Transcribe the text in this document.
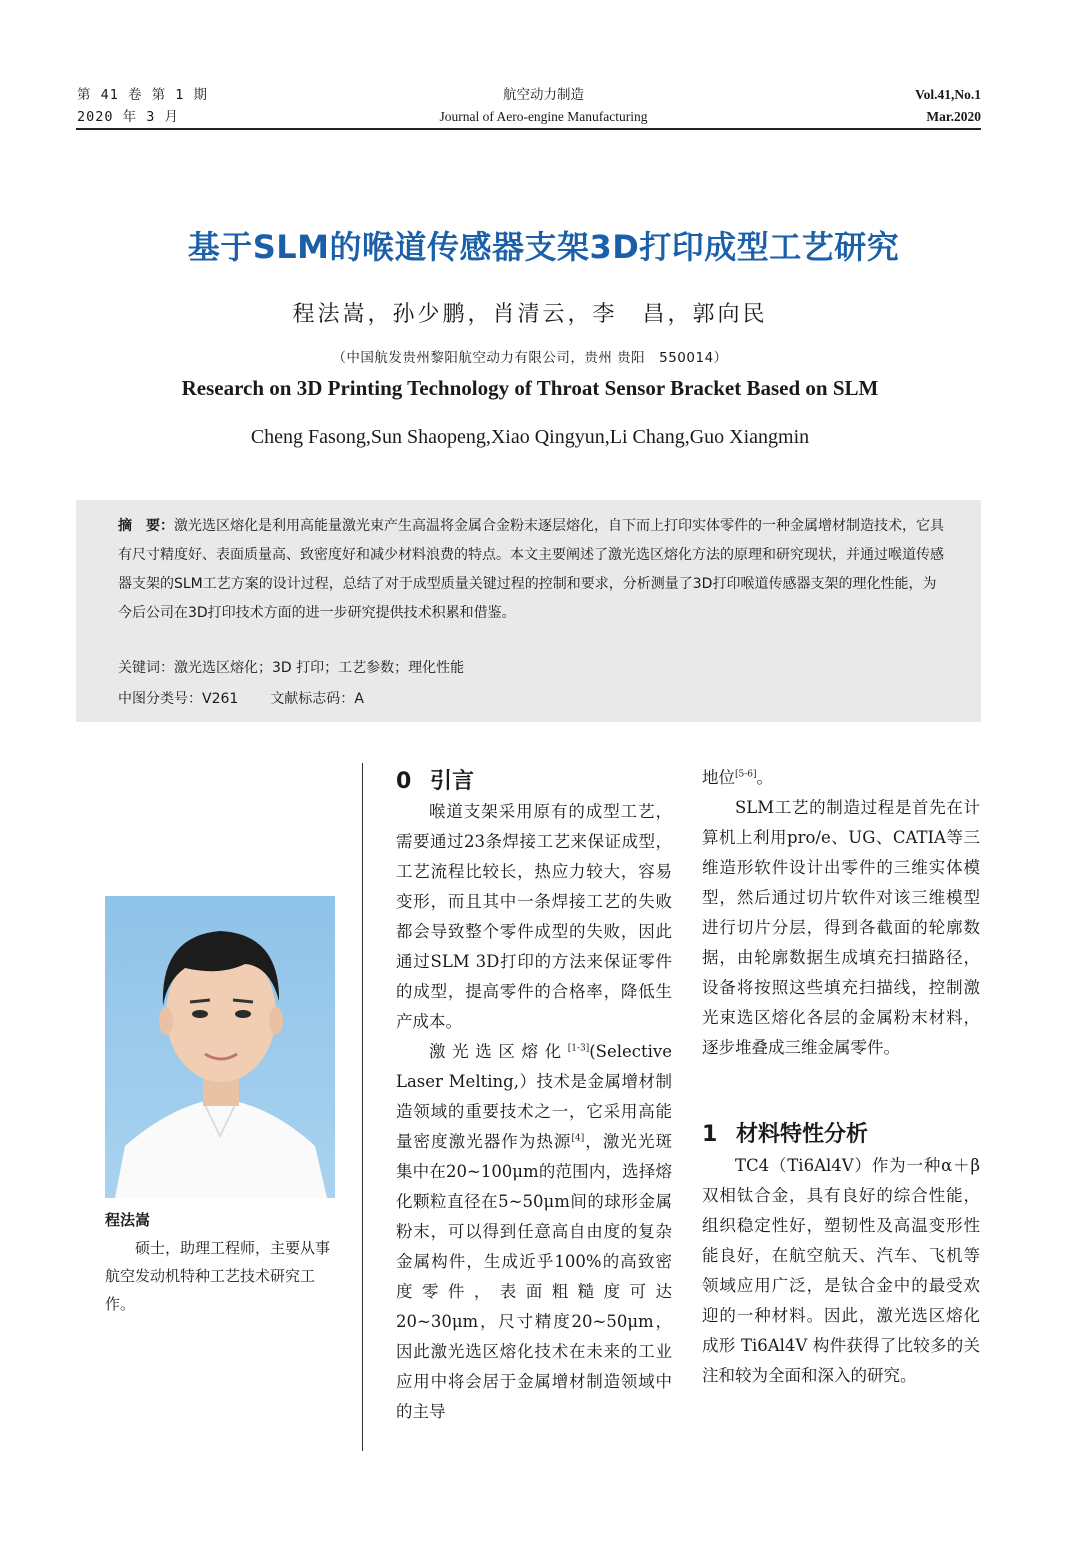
第 41 卷 第 1 期
2020 年 3 月
航空动力制造
Journal of Aero-engine Manufacturing
Vol.41,No.1
Mar.2020
基于SLM的喉道传感器支架3D打印成型工艺研究
程法嵩，孙少鹏，肖清云，李　昌，郭向民
（中国航发贵州黎阳航空动力有限公司，贵州 贵阳　550014）
Research on 3D Printing Technology of Throat Sensor Bracket Based on SLM
Cheng Fasong,Sun Shaopeng,Xiao Qingyun,Li Chang,Guo Xiangmin
摘　要：激光选区熔化是利用高能量激光束产生高温将金属合金粉末逐层熔化，自下而上打印实体零件的一种金属增材制造技术，它具有尺寸精度好、表面质量高、致密度好和减少材料浪费的特点。本文主要阐述了激光选区熔化方法的原理和研究现状，并通过喉道传感器支架的SLM工艺方案的设计过程，总结了对于成型质量关键过程的控制和要求，分析测量了3D打印喉道传感器支架的理化性能，为今后公司在3D打印技术方面的进一步研究提供技术积累和借鉴。
关键词：激光选区熔化；3D 打印；工艺参数；理化性能
中图分类号：V261 文献标志码：A
程法嵩
硕士，助理工程师，主要从事航空发动机特种工艺技术研究工作。
0 引言

喉道支架采用原有的成型工艺，需要通过23条焊接工艺来保证成型，工艺流程比较长，热应力较大，容易变形，而且其中一条焊接工艺的失败都会导致整个零件成型的失败，因此通过SLM 3D打印的方法来保证零件的成型，提高零件的合格率，降低生产成本。

激光选区熔化[1-3](Selective Laser Melting,）技术是金属增材制造领域的重要技术之一，它采用高能量密度激光器作为热源[4]，激光光斑集中在20~100μm的范围内，选择熔化颗粒直径在5~50μm间的球形金属粉末，可以得到任意高自由度的复杂金属构件，生成近乎100%的高致密度零件，表面粗糙度可达20~30μm，尺寸精度20~50μm，因此激光选区熔化技术在未来的工业应用中将会居于金属增材制造领域中的主导

地位[5-6]。

SLM工艺的制造过程是首先在计算机上利用pro/e、UG、CATIA等三维造形软件设计出零件的三维实体模型，然后通过切片软件对该三维模型进行切片分层，得到各截面的轮廓数据，由轮廓数据生成填充扫描路径，设备将按照这些填充扫描线，控制激光束选区熔化各层的金属粉末材料，逐步堆叠成三维金属零件。

1 材料特性分析

TC4（Ti6Al4V）作为一种α＋β双相钛合金，具有良好的综合性能，组织稳定性好，塑韧性及高温变形性能良好，在航空航天、汽车、飞机等领域应用广泛，是钛合金中的最受欢迎的一种材料。因此，激光选区熔化成形 Ti6Al4V 构件获得了比较多的关注和较为全面和深入的研究。
